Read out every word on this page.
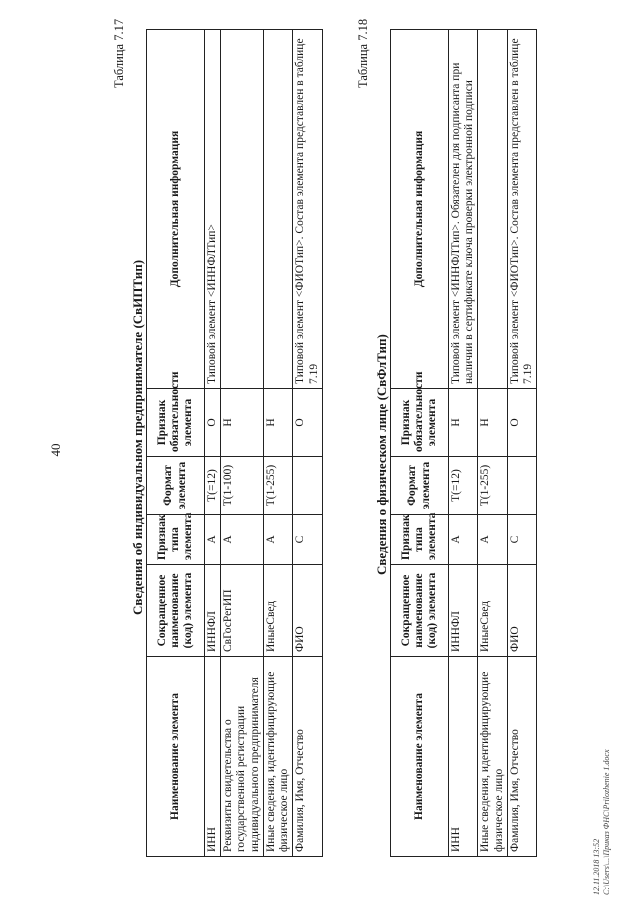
40
Таблица 7.17
Сведения об индивидуальном предпринимателе (СвИПТип)
Наименование элемента	Сокращенное наименование (код) элемента	Признак типа элемента	Формат элемента	Признак обязательности элемента	Дополнительная информация
ИНН	ИННФЛ	А	T(=12)	О	Типовой элемент <ИННФЛТип>
Реквизиты свидетельства о государственной регистрации индивидуального предпринимателя	СвГосРегИП	А	T(1-100)	Н	
Иные сведения, идентифицирующие физическое лицо	ИныеСвед	А	T(1-255)	Н	
Фамилия, Имя, Отчество	ФИО	С		О	Типовой элемент <ФИОТип>. Состав элемента представлен в таблице 7.19
Таблица 7.18
Сведения о физическом лице (СвФлТип)
Наименование элемента	Сокращенное наименование (код) элемента	Признак типа элемента	Формат элемента	Признак обязательности элемента	Дополнительная информация
ИНН	ИННФЛ	А	T(=12)	Н	Типовой элемент <ИННФЛТип>. Обязателен для подписанта при наличии в сертификате ключа проверки электронной подписи
Иные сведения, идентифицирующие физическое лицо	ИныеСвед	А	T(1-255)	Н	
Фамилия, Имя, Отчество	ФИО	С		О	Типовой элемент <ФИОТип>. Состав элемента представлен в таблице 7.19
12.11.2018 13:52 С:\Users\...\Приказ ФНС\Prilozhenie 1.docx
